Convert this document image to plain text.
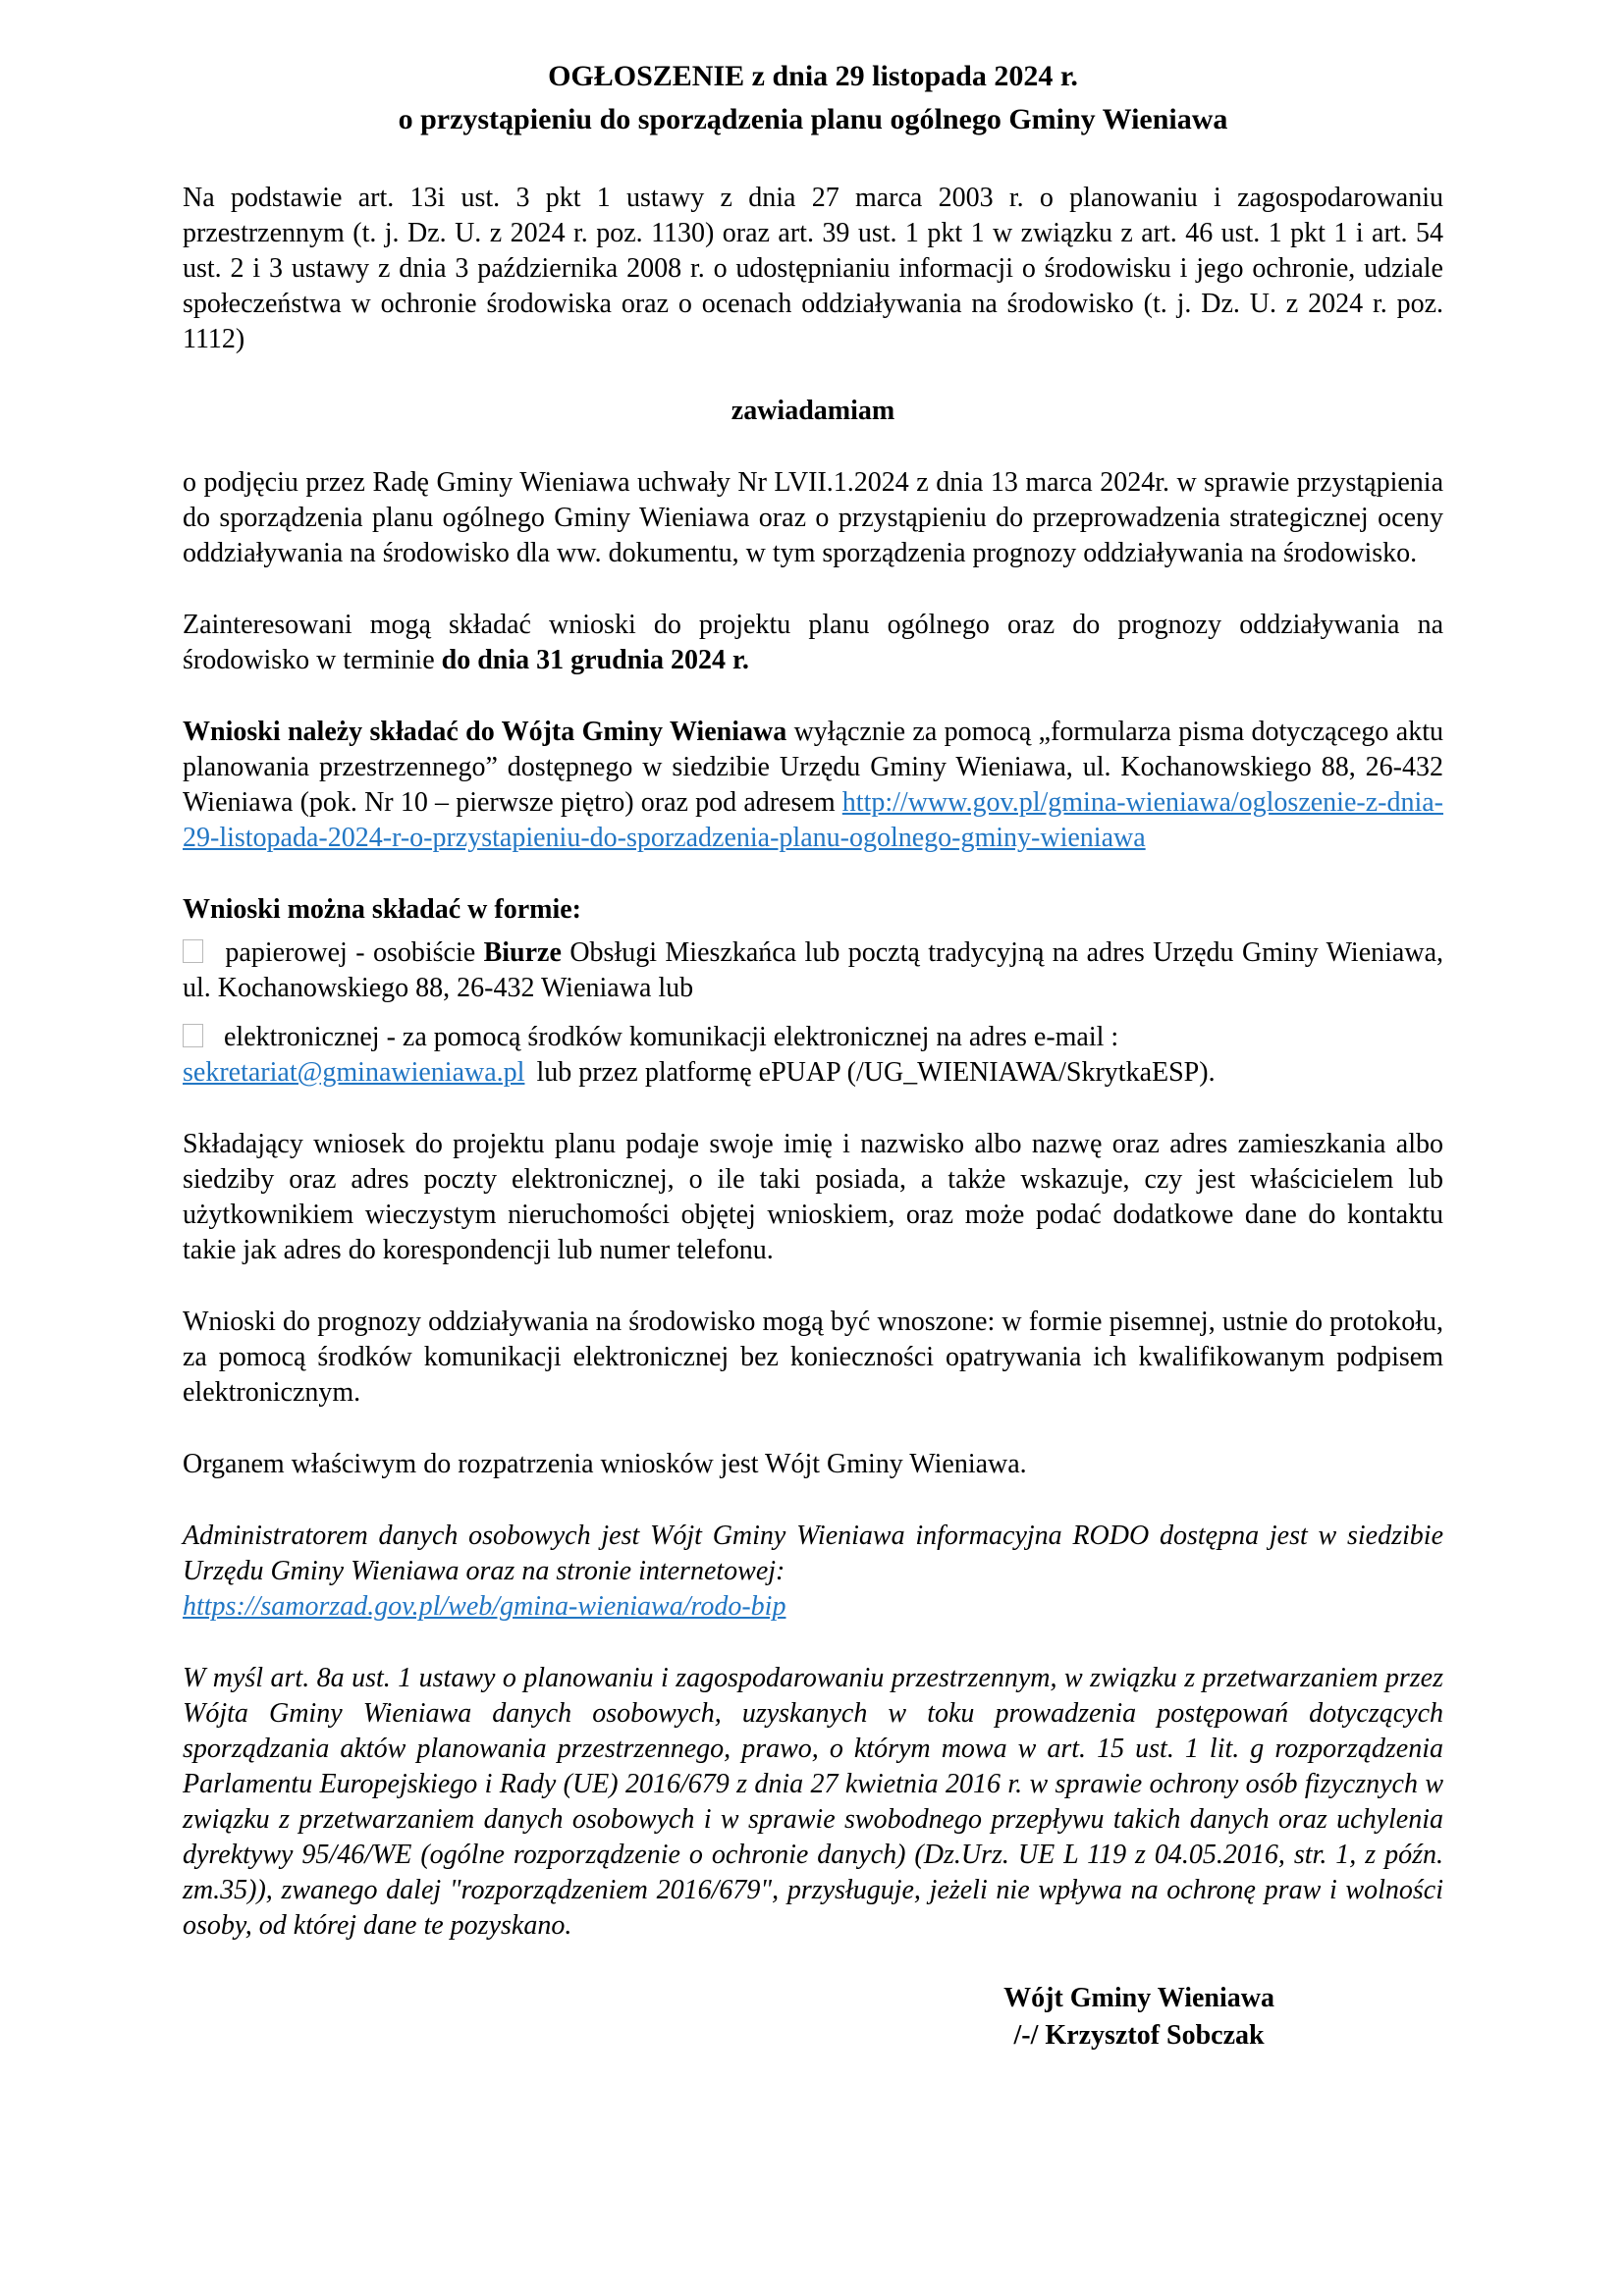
OGŁOSZENIE z dnia 29 listopada 2024 r.
o przystąpieniu do sporządzenia planu ogólnego Gminy Wieniawa

Na podstawie art. 13i ust. 3 pkt 1 ustawy z dnia 27 marca 2003 r. o planowaniu i zagospodarowaniu przestrzennym (t. j. Dz. U. z 2024 r. poz. 1130) oraz art. 39 ust. 1 pkt 1 w związku z art. 46 ust. 1 pkt 1 i art. 54 ust. 2 i 3 ustawy z dnia 3 października 2008 r. o udostępnianiu informacji o środowisku i jego ochronie, udziale społeczeństwa w ochronie środowiska oraz o ocenach oddziaływania na środowisko (t. j. Dz. U. z 2024 r. poz. 1112)

zawiadamiam

o podjęciu przez Radę Gminy Wieniawa uchwały Nr LVII.1.2024 z dnia 13 marca 2024r. w sprawie przystąpienia do sporządzenia planu ogólnego Gminy Wieniawa oraz o przystąpieniu do przeprowadzenia strategicznej oceny oddziaływania na środowisko dla ww. dokumentu, w tym sporządzenia prognozy oddziaływania na środowisko.

Zainteresowani mogą składać wnioski do projektu planu ogólnego oraz do prognozy oddziaływania na środowisko w terminie do dnia 31 grudnia 2024 r.

Wnioski należy składać do Wójta Gminy Wieniawa wyłącznie za pomocą „formularza pisma dotyczącego aktu planowania przestrzennego” dostępnego w siedzibie Urzędu Gminy Wieniawa, ul. Kochanowskiego 88, 26-432 Wieniawa (pok. Nr 10 – pierwsze piętro) oraz pod adresem http://www.gov.pl/gmina-wieniawa/ogloszenie-z-dnia-29-listopada-2024-r-o-przystapieniu-do-sporzadzenia-planu-ogolnego-gminy-wieniawa

Wnioski można składać w formie:

papierowej - osobiście Biurze Obsługi Mieszkańca lub pocztą tradycyjną na adres Urzędu Gminy Wieniawa, ul. Kochanowskiego 88, 26-432 Wieniawa lub

elektronicznej - za pomocą środków komunikacji elektronicznej na adres e-mail :
sekretariat@gminawieniawa.pl lub przez platformę ePUAP (/UG_WIENIAWA/SkrytkaESP).

Składający wniosek do projektu planu podaje swoje imię i nazwisko albo nazwę oraz adres zamieszkania albo siedziby oraz adres poczty elektronicznej, o ile taki posiada, a także wskazuje, czy jest właścicielem lub użytkownikiem wieczystym nieruchomości objętej wnioskiem, oraz może podać dodatkowe dane do kontaktu takie jak adres do korespondencji lub numer telefonu.

Wnioski do prognozy oddziaływania na środowisko mogą być wnoszone: w formie pisemnej, ustnie do protokołu, za pomocą środków komunikacji elektronicznej bez konieczności opatrywania ich kwalifikowanym podpisem elektronicznym.

Organem właściwym do rozpatrzenia wniosków jest Wójt Gminy Wieniawa.

Administratorem danych osobowych jest Wójt Gminy Wieniawa informacyjna RODO dostępna jest w siedzibie Urzędu Gminy Wieniawa oraz na stronie internetowej:
https://samorzad.gov.pl/web/gmina-wieniawa/rodo-bip

W myśl art. 8a ust. 1 ustawy o planowaniu i zagospodarowaniu przestrzennym, w związku z przetwarzaniem przez Wójta Gminy Wieniawa danych osobowych, uzyskanych w toku prowadzenia postępowań dotyczących sporządzania aktów planowania przestrzennego, prawo, o którym mowa w art. 15 ust. 1 lit. g rozporządzenia Parlamentu Europejskiego i Rady (UE) 2016/679 z dnia 27 kwietnia 2016 r. w sprawie ochrony osób fizycznych w związku z przetwarzaniem danych osobowych i w sprawie swobodnego przepływu takich danych oraz uchylenia dyrektywy 95/46/WE (ogólne rozporządzenie o ochronie danych) (Dz.Urz. UE L 119 z 04.05.2016, str. 1, z późn. zm.35)), zwanego dalej "rozporządzeniem 2016/679", przysługuje, jeżeli nie wpływa na ochronę praw i wolności osoby, od której dane te pozyskano.

Wójt Gminy Wieniawa
/-/ Krzysztof Sobczak
